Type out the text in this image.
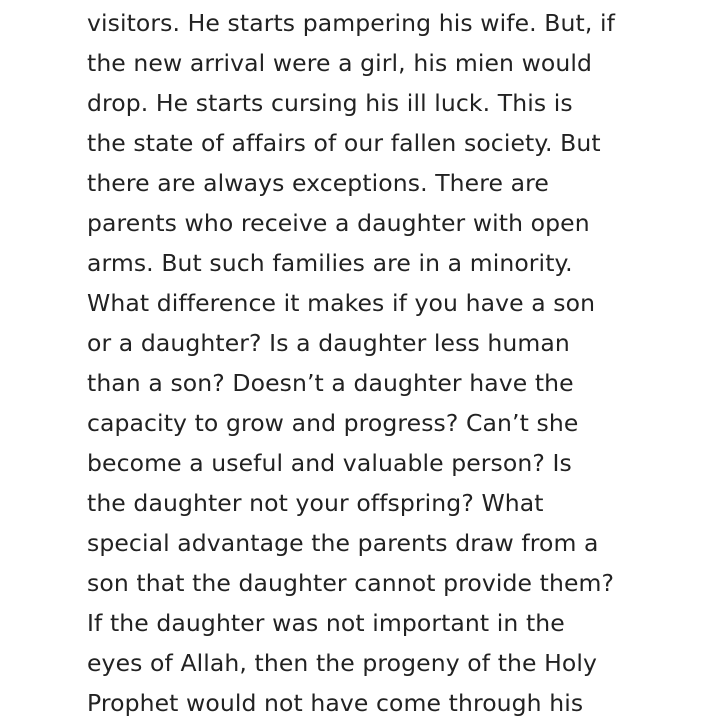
visitors. He starts pampering his wife. But, if
the new arrival were a girl, his mien would
drop. He starts cursing his ill luck. This is
the state of affairs of our fallen society. But
there are always exceptions. There are
parents who receive a daughter with open
arms. But such families are in a minority.
What difference it makes if you have a son
or a daughter? Is a daughter less human
than a son? Doesn’t a daughter have the
capacity to grow and progress? Can’t she
become a useful and valuable person? Is
the daughter not your offspring? What
special advantage the parents draw from a
son that the daughter cannot provide them?
If the daughter was not important in the
eyes of Allah, then the progeny of the Holy
Prophet would not have come through his
